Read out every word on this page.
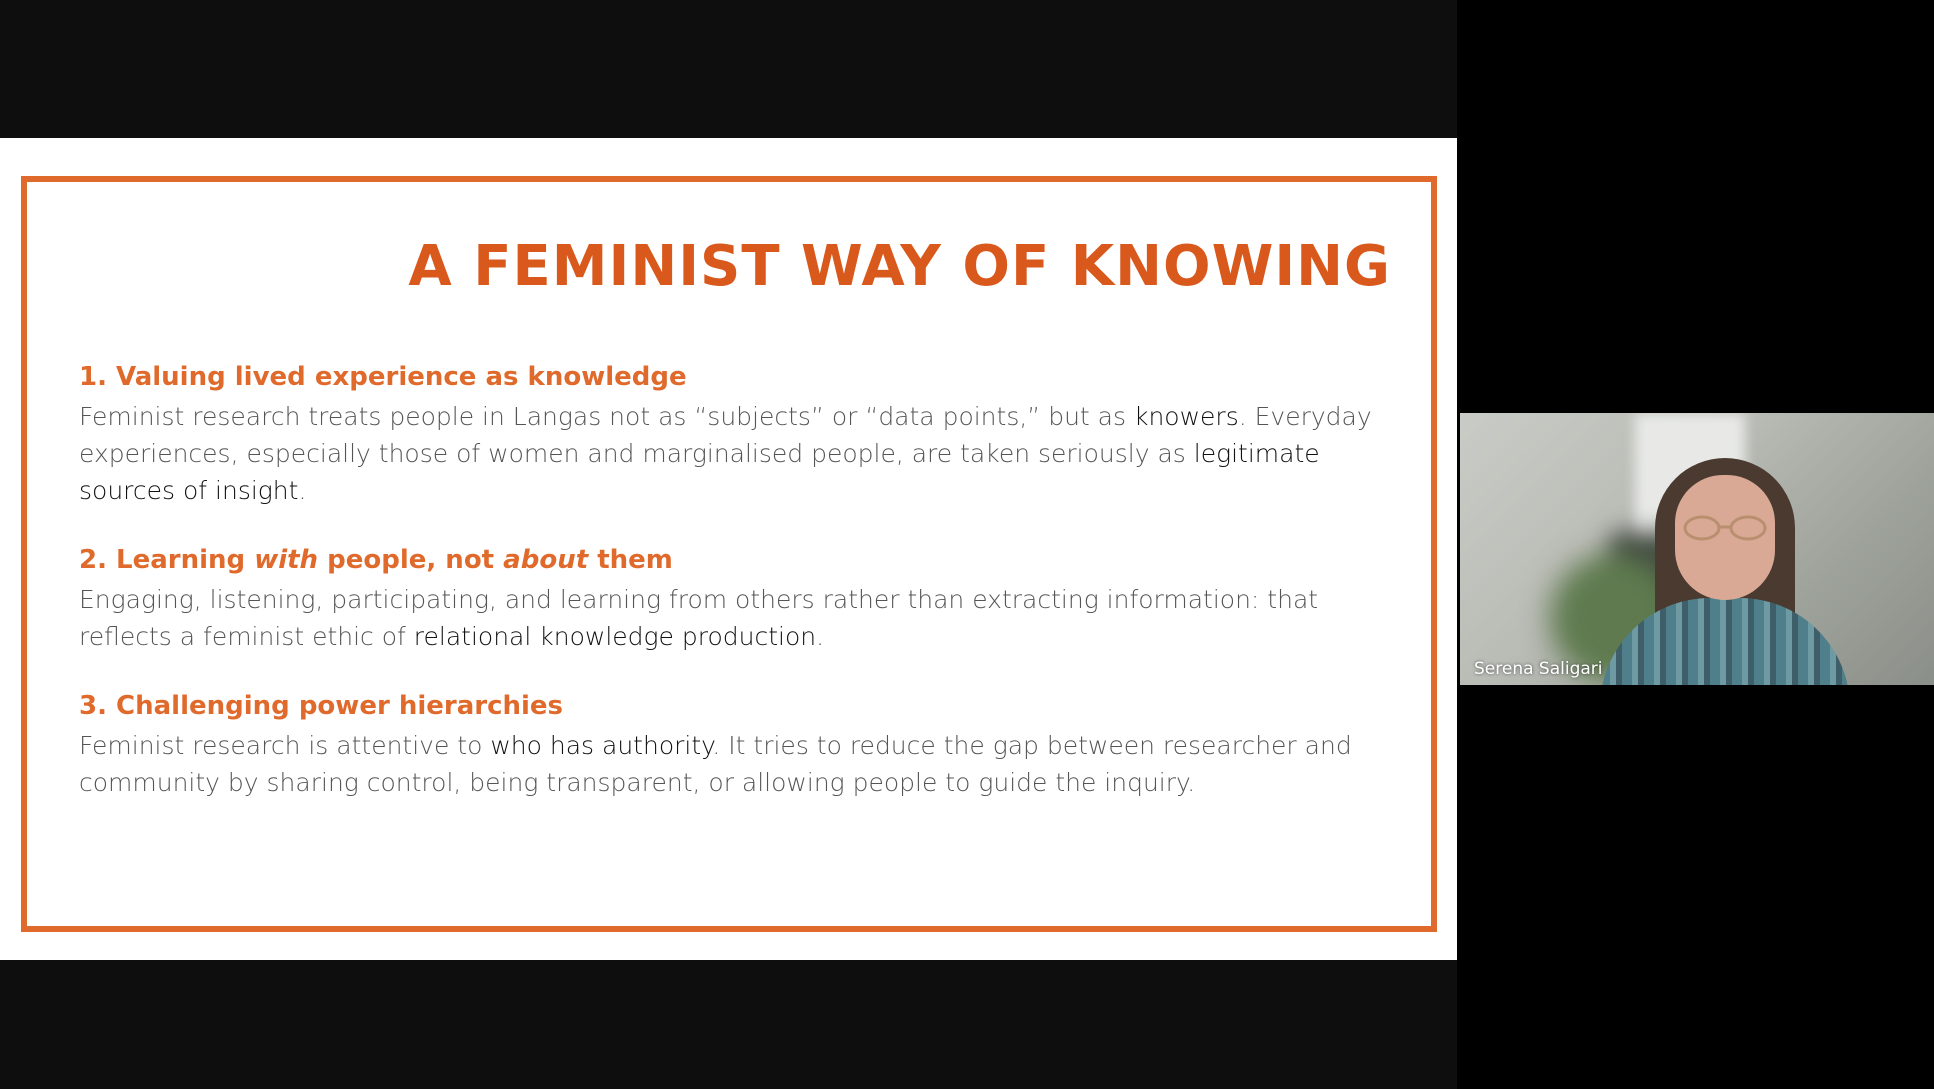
A FEMINIST WAY OF KNOWING

1. Valuing lived experience as knowledge

Feminist research treats people in Langas not as “subjects” or “data points,” but as knowers. Everyday experiences, especially those of women and marginalised people, are taken seriously as legitimate sources of insight.

2. Learning with people, not about them

Engaging, listening, participating, and learning from others rather than extracting information: that reflects a feminist ethic of relational knowledge production.

3. Challenging power hierarchies

Feminist research is attentive to who has authority. It tries to reduce the gap between researcher and community by sharing control, being transparent, or allowing people to guide the inquiry.

Serena Saligari
